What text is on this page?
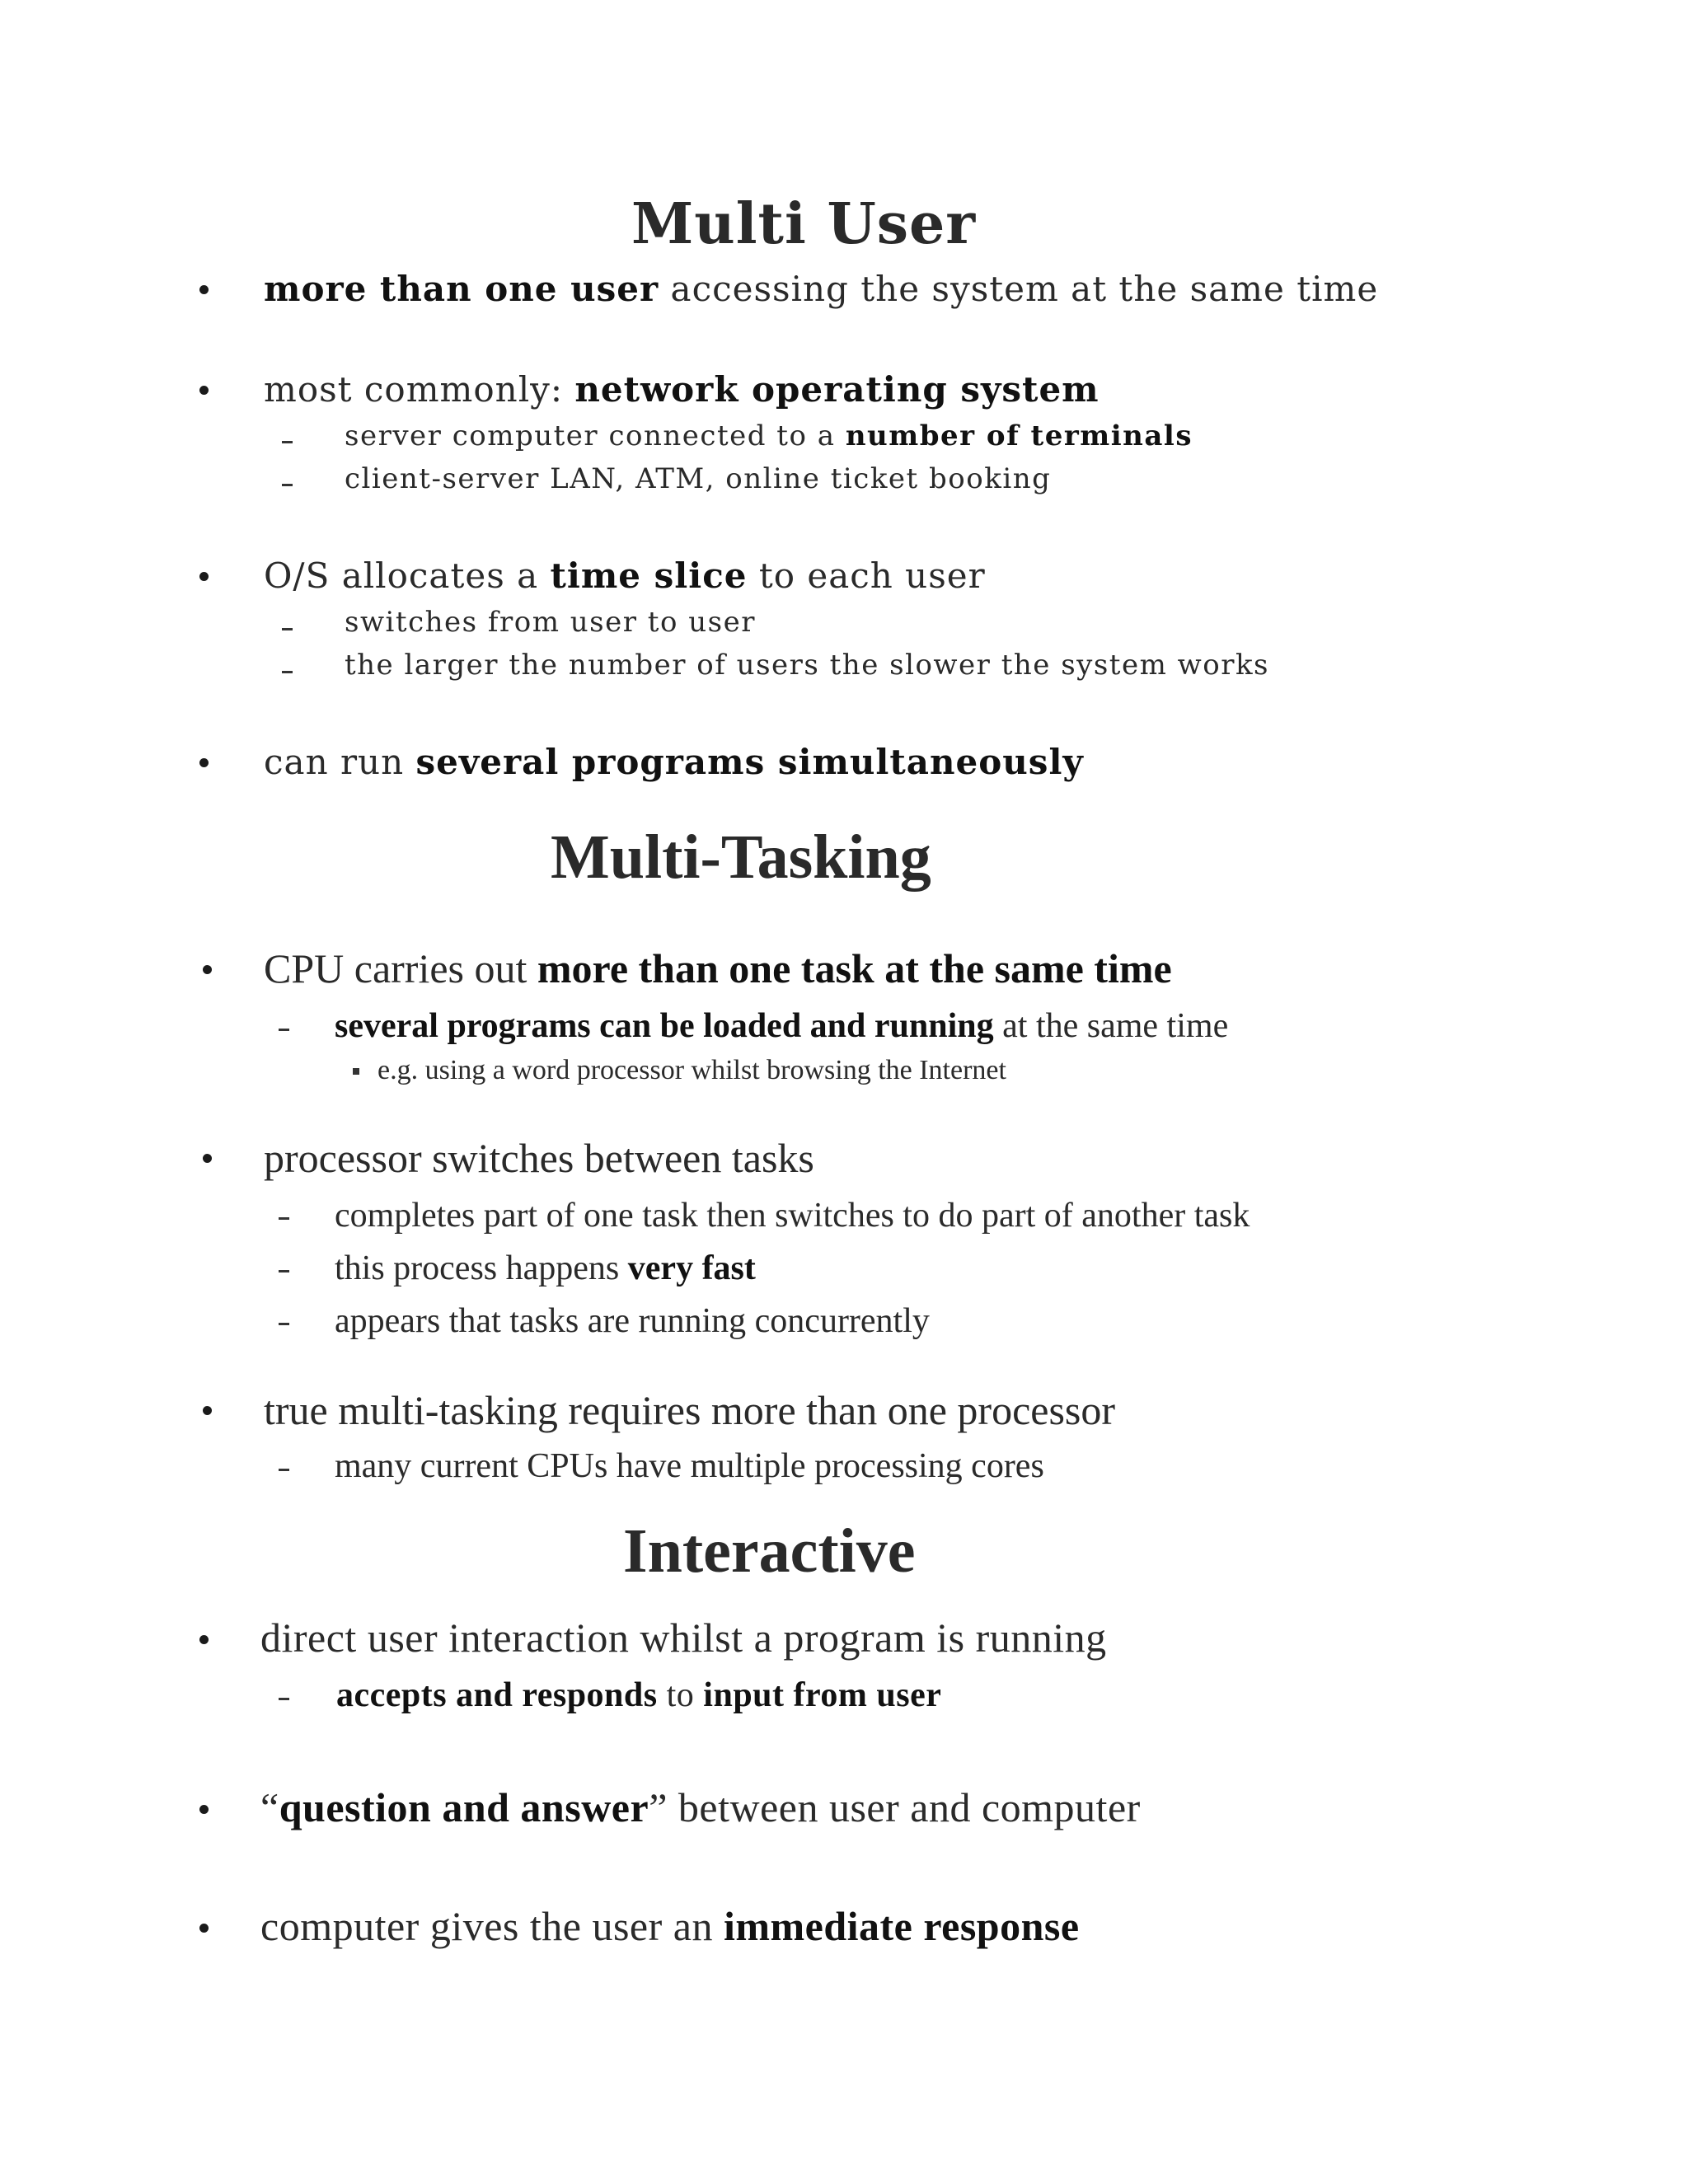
Multi User
more than one user accessing the system at the same time
most commonly: network operating system
server computer connected to a number of terminals
client-server LAN, ATM, online ticket booking
O/S allocates a time slice to each user
switches from user to user
the larger the number of users the slower the system works
can run several programs simultaneously
Multi-Tasking
CPU carries out more than one task at the same time
several programs can be loaded and running at the same time
e.g. using a word processor whilst browsing the Internet
processor switches between tasks
completes part of one task then switches to do part of another task
this process happens very fast
appears that tasks are running concurrently
true multi-tasking requires more than one processor
many current CPUs have multiple processing cores
Interactive
direct user interaction whilst a program is running
accepts and responds to input from user
“question and answer” between user and computer
computer gives the user an immediate response
